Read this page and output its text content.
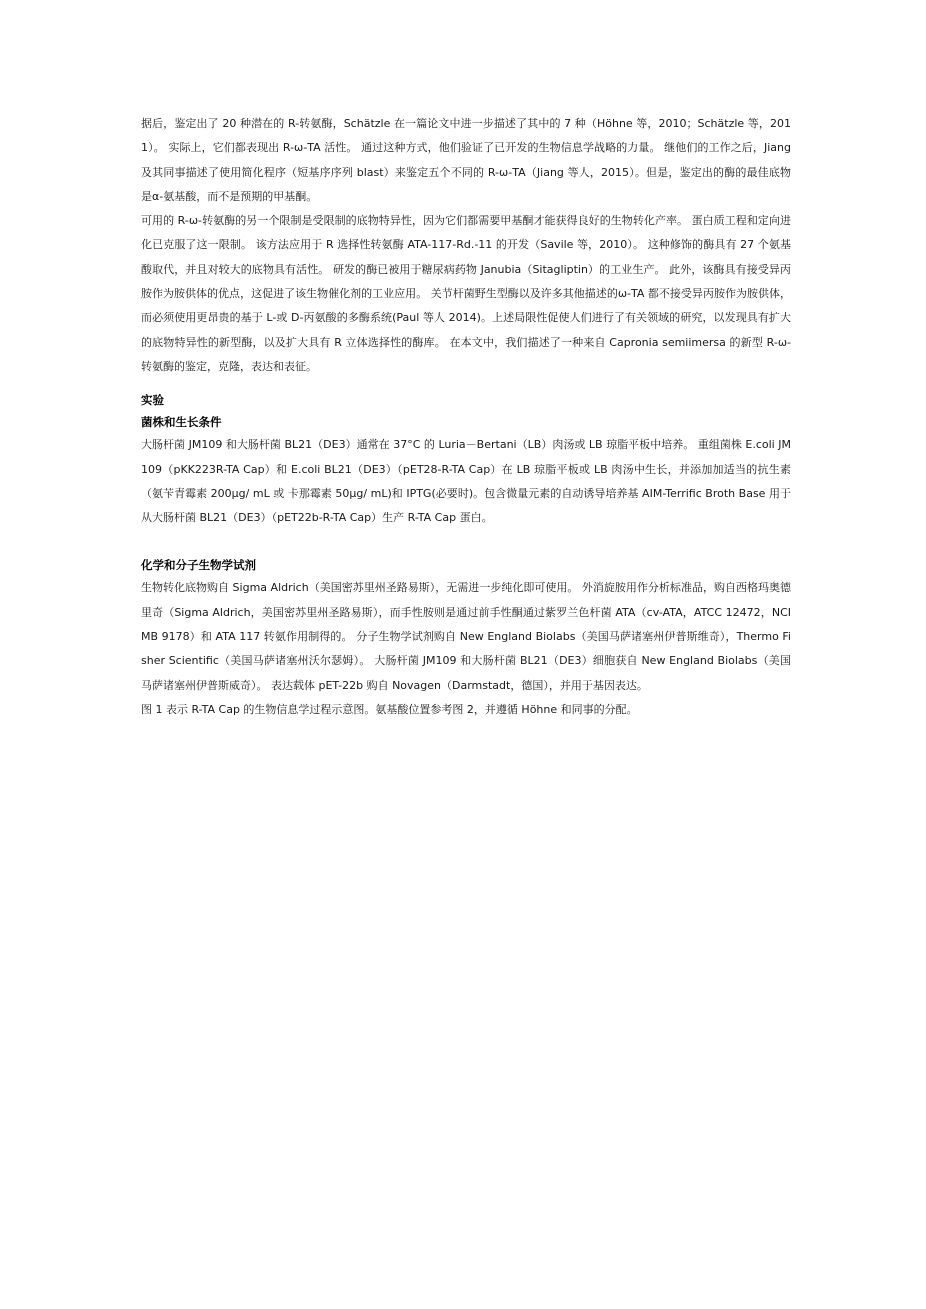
据后，鉴定出了 20 种潜在的 R-转氨酶，Schätzle 在一篇论文中进一步描述了其中的 7 种（Höhne 等，2010；Schätzle 等，2011）。 实际上，它们都表现出 R-ω-TA 活性。 通过这种方式，他们验证了已开发的生物信息学战略的力量。 继他们的工作之后，Jiang 及其同事描述了使用简化程序（短基序序列 blast）来鉴定五个不同的 R-ω-TA（Jiang 等人，2015）。但是，鉴定出的酶的最佳底物是α-氨基酸，而不是预期的甲基酮。

可用的 R-ω-转氨酶的另一个限制是受限制的底物特异性，因为它们都需要甲基酮才能获得良好的生物转化产率。 蛋白质工程和定向进化已克服了这一限制。 该方法应用于 R 选择性转氨酶 ATA-117-Rd.-11 的开发（Savile 等，2010）。 这种修饰的酶具有 27 个氨基酸取代，并且对较大的底物具有活性。 研发的酶已被用于糖尿病药物 Janubia（Sitagliptin）的工业生产。 此外，该酶具有接受异丙胺作为胺供体的优点，这促进了该生物催化剂的工业应用。 关节杆菌野生型酶以及许多其他描述的ω-TA 都不接受异丙胺作为胺供体，而必须使用更昂贵的基于 L-或 D-丙氨酸的多酶系统(Paul 等人 2014)。上述局限性促使人们进行了有关领域的研究，以发现具有扩大的底物特异性的新型酶，以及扩大具有 R 立体选择性的酶库。 在本文中，我们描述了一种来自 Capronia semiimersa 的新型 R-ω-转氨酶的鉴定，克隆，表达和表征。

实验
菌株和生长条件

大肠杆菌 JM109 和大肠杆菌 BL21（DE3）通常在 37°C 的 Luria－Bertani（LB）肉汤或 LB 琼脂平板中培养。 重组菌株 E.coli JM109（pKK223R-TA Cap）和 E.coli BL21（DE3）（pET28-R-TA Cap）在 LB 琼脂平板或 LB 肉汤中生长，并添加加适当的抗生素（氨苄青霉素 200μg/ mL 或 卡那霉素 50μg/ mL)和 IPTG(必要时)。包含微量元素的自动诱导培养基 AIM-Terrific Broth Base 用于从大肠杆菌 BL21（DE3）（pET22b-R-TA Cap）生产 R-TA Cap 蛋白。

化学和分子生物学试剂

生物转化底物购自 Sigma Aldrich（美国密苏里州圣路易斯），无需进一步纯化即可使用。 外消旋胺用作分析标准品，购自西格玛奥德里奇（Sigma Aldrich，美国密苏里州圣路易斯），而手性胺则是通过前手性酮通过紫罗兰色杆菌 ATA（cv-ATA，ATCC 12472，NCIMB 9178）和 ATA 117 转氨作用制得的。 分子生物学试剂购自 New England Biolabs（美国马萨诸塞州伊普斯维奇），Thermo Fisher Scientific（美国马萨诸塞州沃尔瑟姆）。 大肠杆菌 JM109 和大肠杆菌 BL21（DE3）细胞获自 New England Biolabs（美国马萨诸塞州伊普斯威奇）。 表达载体 pET-22b 购自 Novagen（Darmstadt，德国），并用于基因表达。

图 1 表示 R-TA Cap 的生物信息学过程示意图。氨基酸位置参考图 2，并遵循 Höhne 和同事的分配。
